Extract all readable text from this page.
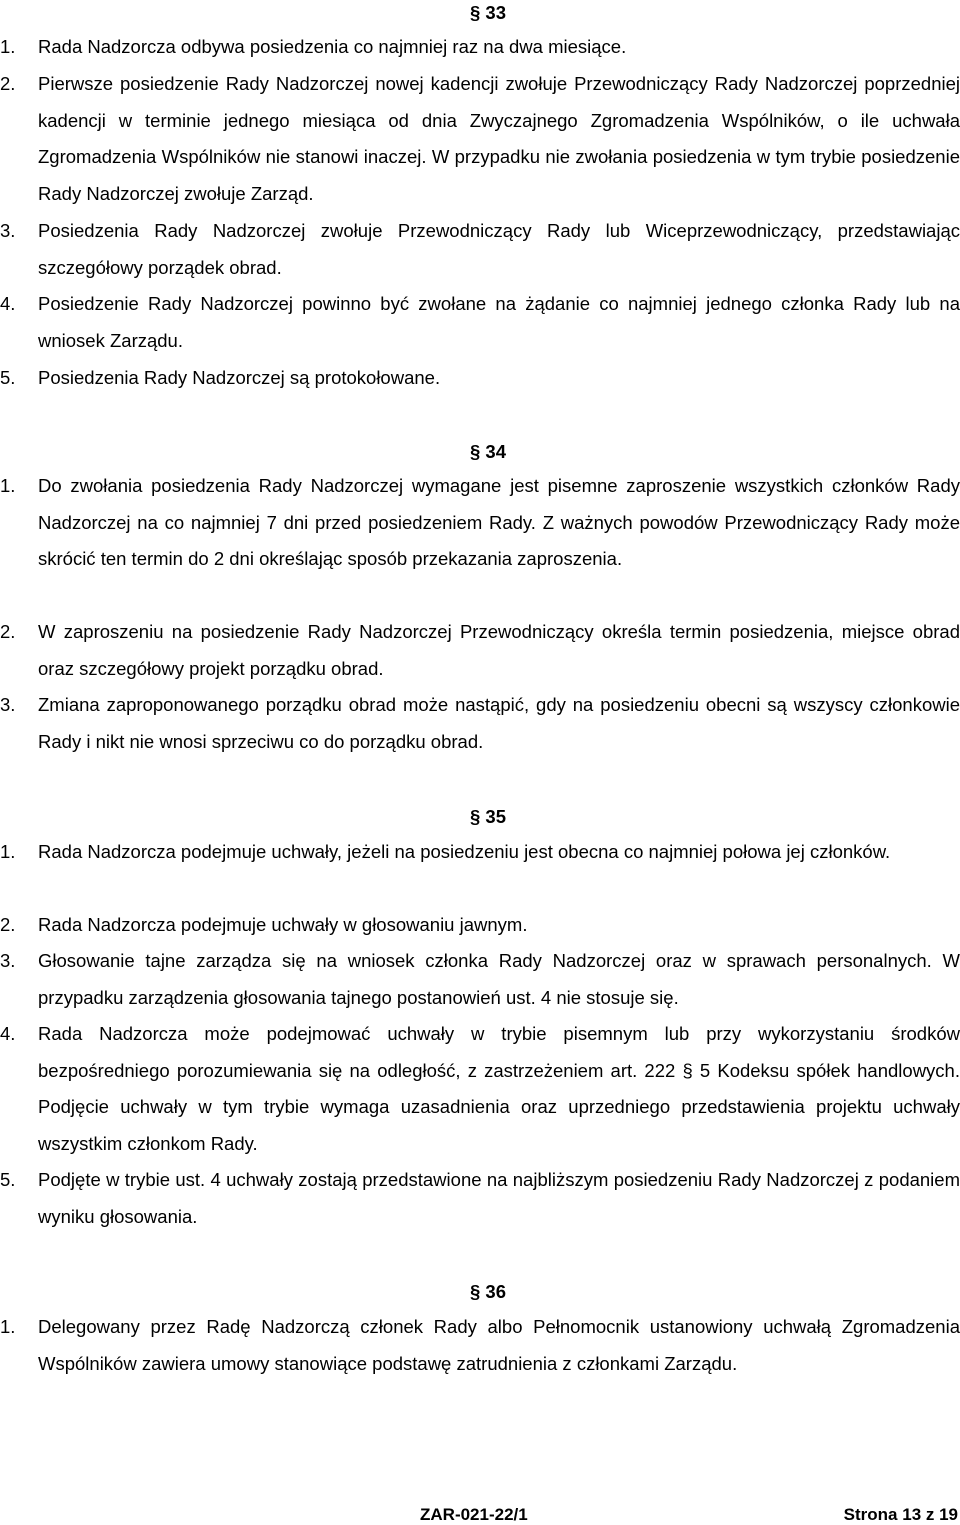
§ 33
1.	Rada Nadzorcza odbywa posiedzenia co najmniej raz na dwa miesiące.
2.	Pierwsze posiedzenie Rady Nadzorczej nowej kadencji zwołuje Przewodniczący Rady Nadzorczej poprzedniej kadencji w terminie jednego miesiąca od dnia Zwyczajnego Zgromadzenia Wspólników, o ile uchwała Zgromadzenia Wspólników nie stanowi inaczej. W przypadku nie zwołania posiedzenia w tym trybie posiedzenie Rady Nadzorczej zwołuje Zarząd.
3.	Posiedzenia Rady Nadzorczej zwołuje Przewodniczący Rady lub Wiceprzewodniczący, przedstawiając szczegółowy porządek obrad.
4.	Posiedzenie Rady Nadzorczej powinno być zwołane na żądanie co najmniej jednego członka Rady lub na wniosek Zarządu.
5.	Posiedzenia Rady Nadzorczej są protokołowane.
§ 34
1.	Do zwołania posiedzenia Rady Nadzorczej wymagane jest pisemne zaproszenie wszystkich członków Rady Nadzorczej na co najmniej 7 dni przed posiedzeniem Rady. Z ważnych powodów Przewodniczący Rady może skrócić ten termin do 2 dni określając sposób przekazania zaproszenia.
2.	W zaproszeniu na posiedzenie Rady Nadzorczej Przewodniczący określa termin posiedzenia, miejsce obrad oraz szczegółowy projekt porządku obrad.
3.	Zmiana zaproponowanego porządku obrad może nastąpić, gdy na posiedzeniu obecni są wszyscy członkowie Rady i nikt nie wnosi sprzeciwu co do porządku obrad.
§ 35
1.	Rada Nadzorcza podejmuje uchwały, jeżeli na posiedzeniu jest obecna co najmniej połowa jej członków.
2.	Rada Nadzorcza podejmuje uchwały w głosowaniu jawnym.
3.	Głosowanie tajne zarządza się na wniosek członka Rady Nadzorczej oraz w sprawach personalnych. W przypadku zarządzenia głosowania tajnego postanowień ust. 4 nie stosuje się.
4.	Rada Nadzorcza może podejmować uchwały w trybie pisemnym lub przy wykorzystaniu środków bezpośredniego porozumiewania się na odległość, z zastrzeżeniem art. 222 § 5 Kodeksu spółek handlowych. Podjęcie uchwały w tym trybie wymaga uzasadnienia oraz uprzedniego przedstawienia projektu uchwały wszystkim członkom Rady.
5.	Podjęte w trybie ust. 4 uchwały zostają przedstawione na najbliższym posiedzeniu Rady Nadzorczej z podaniem wyniku głosowania.
§ 36
1.	Delegowany przez Radę Nadzorczą członek Rady albo Pełnomocnik ustanowiony uchwałą Zgromadzenia Wspólników zawiera umowy stanowiące podstawę zatrudnienia z członkami Zarządu.
ZAR-021-22/1	Strona 13 z 19
